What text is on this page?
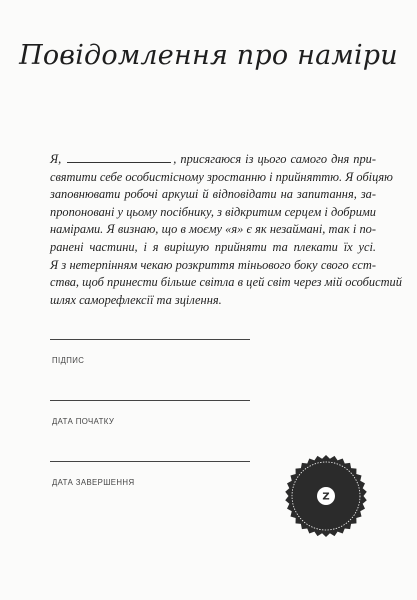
Повідомлення про наміри
Я,	, присягаюся із цього самого дня при-
святити себе особистісному зростанню і прийняттю. Я обіцяю
заповнювати робочі аркуші й відповідати на запитання, за-
пропоновані у цьому посібнику, з відкритим серцем і добрими
намірами. Я визнаю, що в моєму «я» є як незаймані, так і по-
ранені частини, і я вирішую прийняти та плекати їх усі.
Я з нетерпінням чекаю розкриття тіньового боку свого єст-
ства, щоб принести більше світла в цей світ через мій особистий
шлях саморефлексії та зцілення.
ПІДПИС
ДАТА ПОЧАТКУ
ДАТА ЗАВЕРШЕННЯ
Z
